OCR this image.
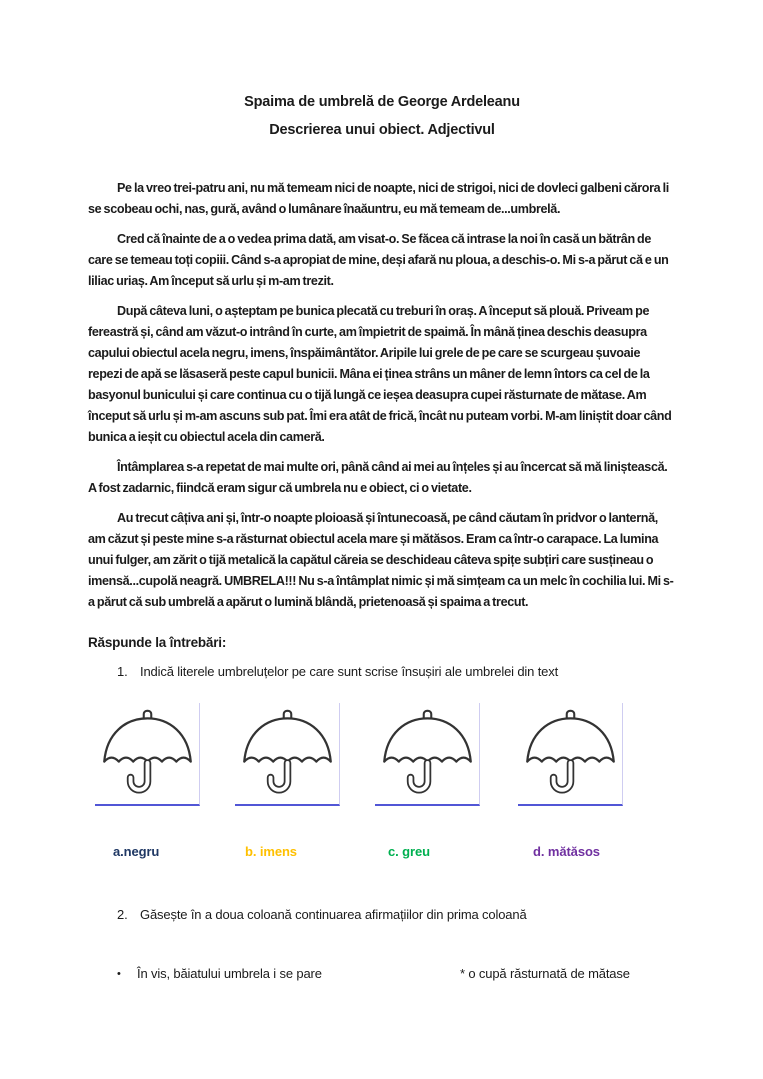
Spaima de umbrelă de George Ardeleanu
Descrierea unui obiect. Adjectivul

Pe la vreo trei-patru ani, nu mă temeam nici de noapte, nici de strigoi, nici de dovleci galbeni cărora li se scobeau ochi, nas, gură, având o lumânare înaăuntru, eu mă temeam de...umbrelă.

Cred că înainte de a o vedea prima dată, am visat-o. Se făcea că intrase la noi în casă un bătrân de care se temeau toți copiii. Când s-a apropiat de mine, deși afară nu ploua, a deschis-o. Mi s-a părut că e un liliac uriaș. Am început să urlu și m-am trezit.

După câteva luni, o așteptam pe bunica plecată cu treburi în oraș. A început să plouă. Priveam pe fereastră și, când am văzut-o intrând în curte, am împietrit de spaimă. În mână ținea deschis deasupra capului obiectul acela negru, imens, înspăimântător. Aripile lui grele de pe care se scurgeau șuvoaie repezi de apă se lăsaseră peste capul bunicii. Mâna ei ținea strâns un mâner de lemn întors ca cel de la basyonul bunicului și care continua cu o tijă lungă ce ieșea deasupra cupei răsturnate de mătase. Am început să urlu și m-am ascuns sub pat. Îmi era atât de frică, încât nu puteam vorbi. M-am liniștit doar când bunica a ieșit cu obiectul acela din cameră.

Întâmplarea s-a repetat de mai multe ori, până când ai mei au înțeles și au încercat să mă liniștească. A fost zadarnic, fiindcă eram sigur că umbrela nu e obiect, ci o vietate.

Au trecut câțiva ani și, într-o noapte ploioasă și întunecoasă, pe când căutam în pridvor o lanternă, am căzut și peste mine s-a răsturnat obiectul acela mare și mătăsos. Eram ca într-o carapace. La lumina unui fulger, am zărit o tijă metalică la capătul căreia se deschideau câteva spițe subțiri care susțineau o imensă...cupolă neagră. UMBRELA!!! Nu s-a întâmplat nimic și mă simțeam ca un melc în cochilia lui. Mi s-a părut că sub umbrelă a apărut o lumină blândă, prietenoasă și spaima a trecut.

Răspunde la întrebări:
1. Indică literele umbreluțelor pe care sunt scrise însușiri ale umbrelei din text
a.negru	b. imens	c. greu	d. mătăsos
2. Găsește în a doua coloană continuarea afirmațiilor din prima coloană
• În vis, băiatului umbrela i se pare	* o cupă răsturnată de mătase
